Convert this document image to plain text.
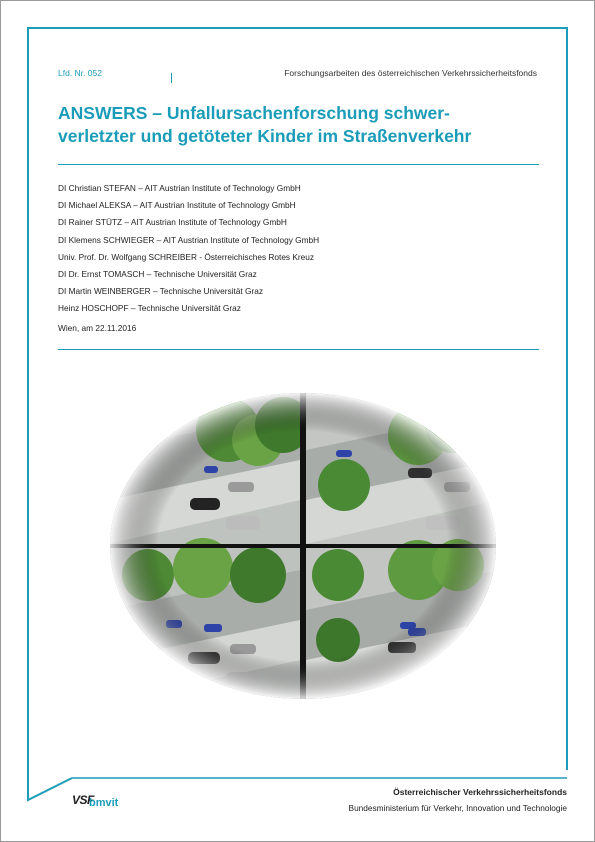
Lfd. Nr. 052	Forschungsarbeiten des österreichischen Verkehrssicherheitsfonds
ANSWERS – Unfallursachenforschung schwer-
verletzter und getöteter Kinder im Straßenverkehr
DI Christian STEFAN – AIT Austrian Institute of Technology GmbH
DI Michael ALEKSA – AIT Austrian Institute of Technology GmbH
DI Rainer STÜTZ – AIT Austrian Institute of Technology GmbH
DI Klemens SCHWIEGER – AIT Austrian Institute of Technology GmbH
Univ. Prof. Dr. Wolfgang SCHREIBER - Österreichisches Rotes Kreuz
DI Dr. Ernst TOMASCH – Technische Universität Graz
DI Martin WEINBERGER – Technische Universität Graz
Heinz HOSCHOPF – Technische Universität Graz
Wien, am 22.11.2016
VSF
bmvit
Österreichischer Verkehrssicherheitsfonds
Bundesministerium für Verkehr, Innovation und Technologie
